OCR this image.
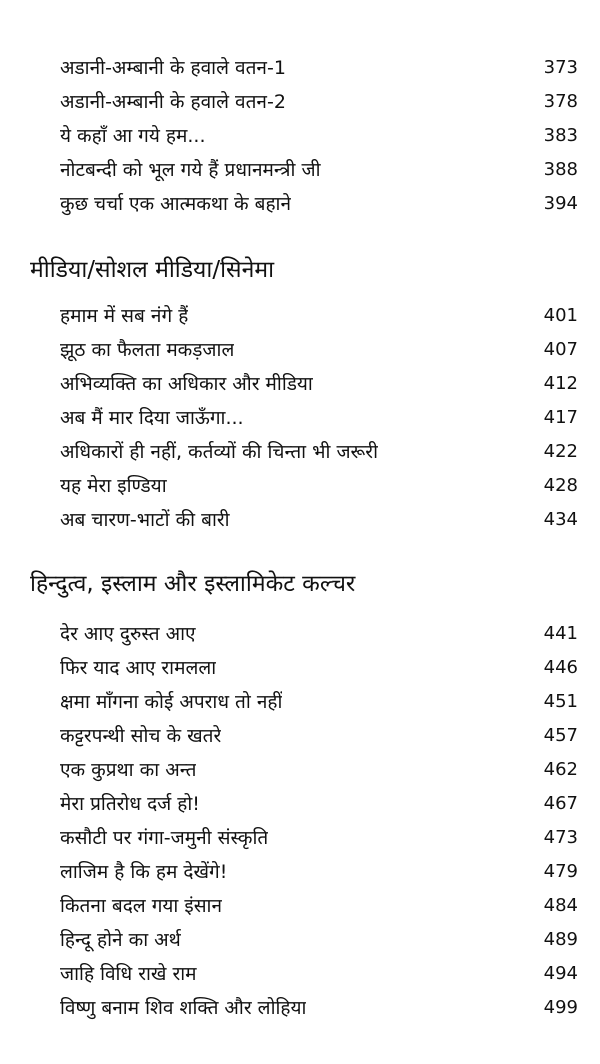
अडानी-अम्बानी के हवाले वतन-1	373
अडानी-अम्बानी के हवाले वतन-2	378
ये कहाँ आ गये हम...	383
नोटबन्दी को भूल गये हैं प्रधानमन्त्री जी	388
कुछ चर्चा एक आत्मकथा के बहाने	394
मीडिया/सोशल मीडिया/सिनेमा
हमाम में सब नंगे हैं	401
झूठ का फैलता मकड़जाल	407
अभिव्यक्ति का अधिकार और मीडिया	412
अब मैं मार दिया जाऊँगा...	417
अधिकारों ही नहीं, कर्तव्यों की चिन्ता भी जरूरी	422
यह मेरा इण्डिया	428
अब चारण-भाटों की बारी	434
हिन्दुत्व, इस्लाम और इस्लामिकेट कल्चर
देर आए दुरुस्त आए	441
फिर याद आए रामलला	446
क्षमा माँगना कोई अपराध तो नहीं	451
कट्टरपन्थी सोच के खतरे	457
एक कुप्रथा का अन्त	462
मेरा प्रतिरोध दर्ज हो!	467
कसौटी पर गंगा-जमुनी संस्कृति	473
लाजिम है कि हम देखेंगे!	479
कितना बदल गया इंसान	484
हिन्दू होने का अर्थ	489
जाहि विधि राखे राम	494
विष्णु बनाम शिव शक्ति और लोहिया	499
